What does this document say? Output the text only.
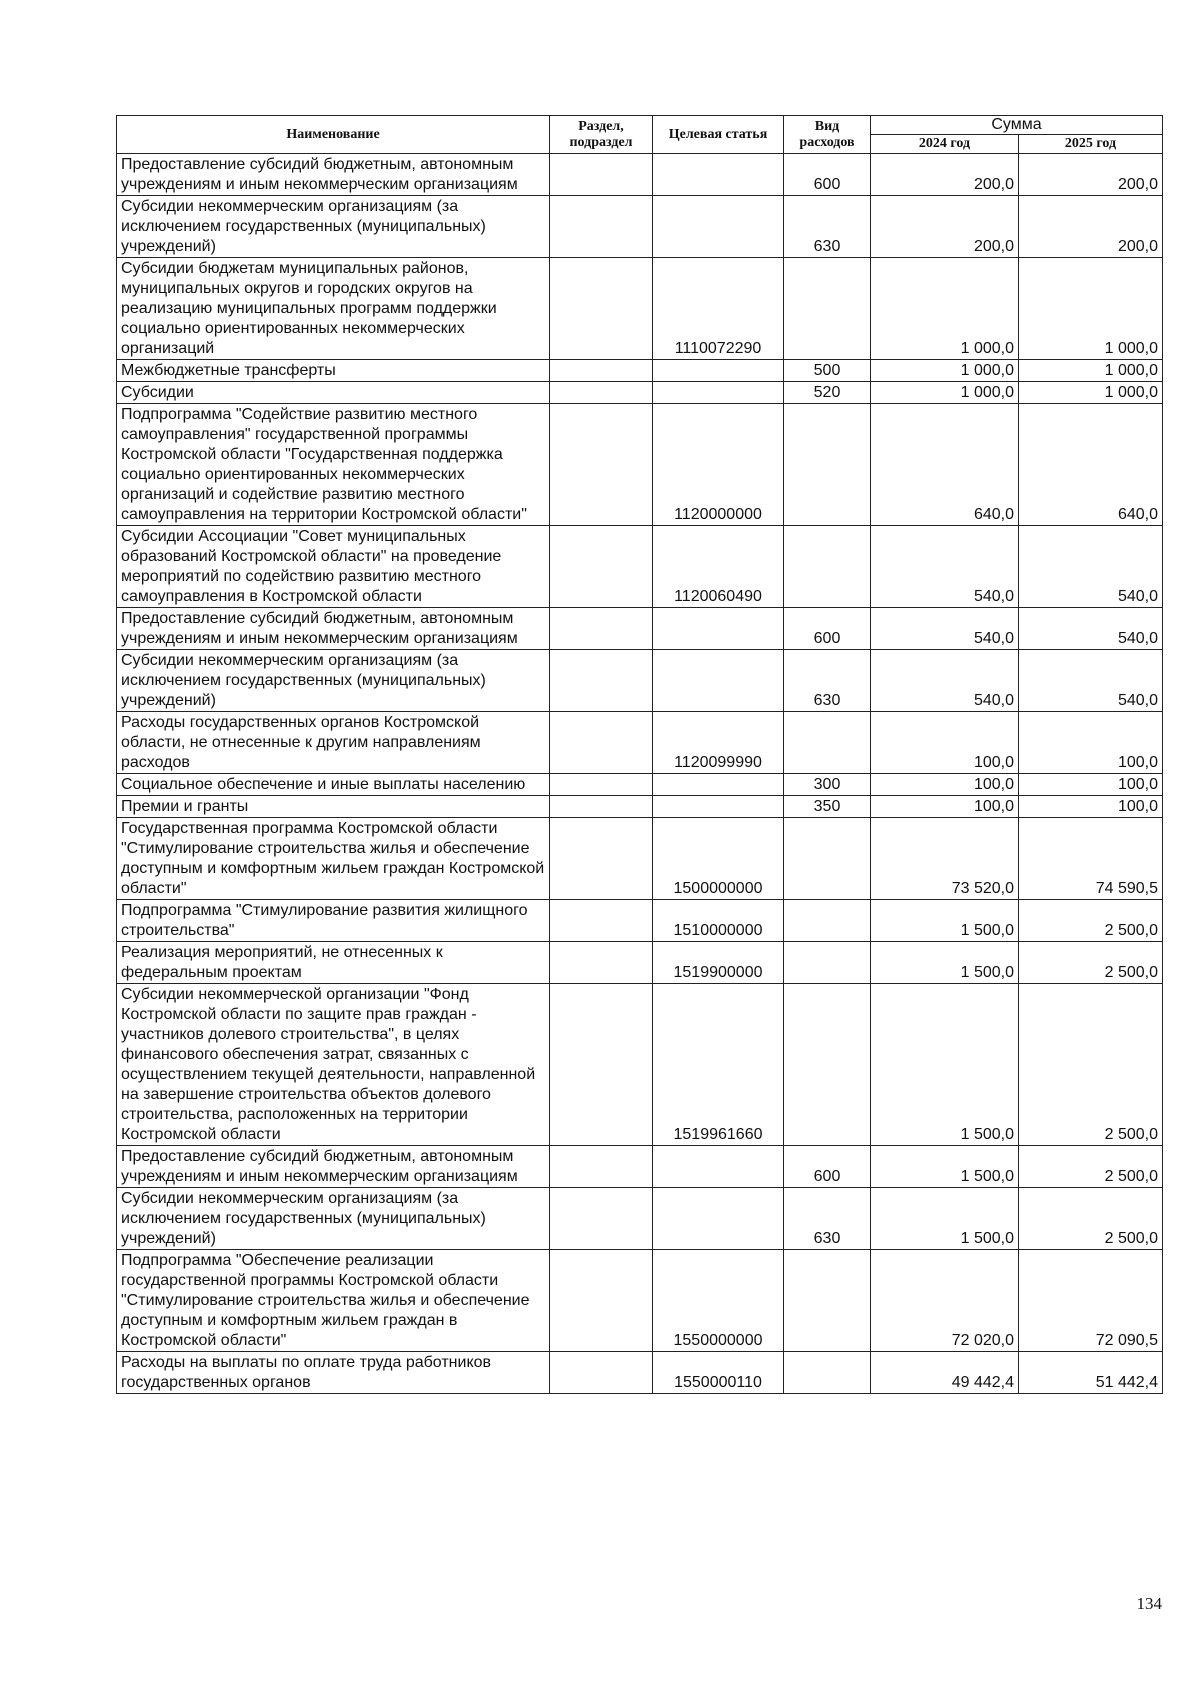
Наименование	Раздел, подраздел	Целевая статья	Вид расходов	Сумма	
				2024 год	2025 год
Предоставление субсидий бюджетным, автономным учреждениям и иным некоммерческим организациям			600	200,0	200,0
Субсидии некоммерческим организациям (за исключением государственных (муниципальных) учреждений)			630	200,0	200,0
Субсидии бюджетам муниципальных районов, муниципальных округов и городских округов на реализацию муниципальных программ поддержки социально ориентированных некоммерческих организаций		1110072290		1 000,0	1 000,0
Межбюджетные трансферты			500	1 000,0	1 000,0
Субсидии			520	1 000,0	1 000,0
Подпрограмма "Содействие развитию местного самоуправления" государственной программы Костромской области "Государственная поддержка социально ориентированных некоммерческих организаций и содействие развитию местного самоуправления на территории Костромской области"		1120000000		640,0	640,0
Субсидии Ассоциации "Совет муниципальных образований Костромской области" на проведение мероприятий по содействию развитию местного самоуправления в Костромской области		1120060490		540,0	540,0
Предоставление субсидий бюджетным, автономным учреждениям и иным некоммерческим организациям			600	540,0	540,0
Субсидии некоммерческим организациям (за исключением государственных (муниципальных) учреждений)			630	540,0	540,0
Расходы государственных органов Костромской области, не отнесенные к другим направлениям расходов		1120099990		100,0	100,0
Социальное обеспечение и иные выплаты населению			300	100,0	100,0
Премии и гранты			350	100,0	100,0
Государственная программа Костромской области "Стимулирование строительства жилья и обеспечение доступным и комфортным жильем граждан Костромской области"		1500000000		73 520,0	74 590,5
Подпрограмма "Стимулирование развития жилищного строительства"		1510000000		1 500,0	2 500,0
Реализация мероприятий, не отнесенных к федеральным проектам		1519900000		1 500,0	2 500,0
Субсидии некоммерческой организации "Фонд Костромской области по защите прав граждан - участников долевого строительства", в целях финансового обеспечения затрат, связанных с осуществлением текущей деятельности, направленной на завершение строительства объектов долевого строительства, расположенных на территории Костромской области		1519961660		1 500,0	2 500,0
Предоставление субсидий бюджетным, автономным учреждениям и иным некоммерческим организациям			600	1 500,0	2 500,0
Субсидии некоммерческим организациям (за исключением государственных (муниципальных) учреждений)			630	1 500,0	2 500,0
Подпрограмма "Обеспечение реализации государственной программы Костромской области "Стимулирование строительства жилья и обеспечение доступным и комфортным жильем граждан в Костромской области"		1550000000		72 020,0	72 090,5
Расходы на выплаты по оплате труда работников государственных органов		1550000110		49 442,4	51 442,4
134
